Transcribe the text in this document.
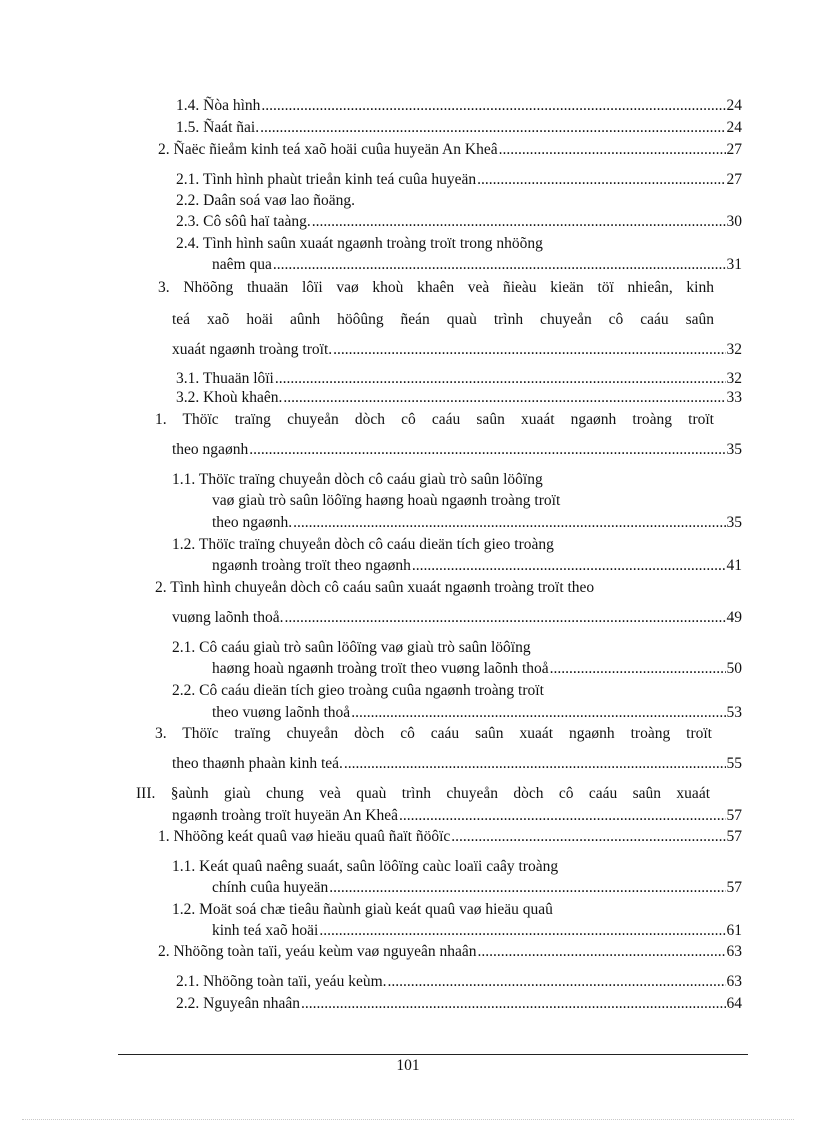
1.4. Ñòa hình .....	24
1.5. Ñaát ñai. .....	24
2. Ñaëc ñieåm kinh teá xaõ hoäi cuûa huyeän An Kheâ .....	27
2.1. Tình hình phaùt trieån kinh teá cuûa huyeän .....	27
2.2. Daân soá vaø lao ñoäng.
2.3. Cô sôû haï taàng. .....	30
2.4. Tình hình saûn xuaát ngaønh troàng troït trong nhöõng
naêm qua .....	31
3. Nhöõng thuaän lôïi vaø khoù khaên veà ñieàu kieän töï nhieân, kinh
teá xaõ hoäi aûnh höôûng ñeán quaù trình chuyeån cô caáu saûn
xuaát ngaønh troàng troït. .....	32
3.1. Thuaän lôïi .....	32
3.2. Khoù khaên. .....	33
1. Thöïc traïng chuyeån dòch cô caáu saûn xuaát ngaønh troàng troït
theo ngaønh .....	35
1.1. Thöïc traïng chuyeån dòch cô caáu giaù trò saûn löôïng
vaø giaù trò saûn löôïng haøng hoaù ngaønh troàng troït
theo ngaønh. .....	35
1.2. Thöïc traïng chuyeån dòch cô caáu dieän tích gieo troàng
ngaønh troàng troït theo ngaønh .....	41
2. Tình hình chuyeån dòch cô caáu saûn xuaát ngaønh troàng troït theo
vuøng laõnh thoå. .....	49
2.1. Cô caáu giaù trò saûn löôïng vaø giaù trò saûn löôïng
haøng hoaù ngaønh troàng troït theo vuøng laõnh thoå .....	50
2.2. Cô caáu dieän tích gieo troàng cuûa ngaønh troàng troït
theo vuøng laõnh thoå .....	53
3. Thöïc traïng chuyeån dòch cô caáu saûn xuaát ngaønh troàng troït
theo thaønh phaàn kinh teá. .....	55
III. §aùnh giaù chung veà quaù trình chuyeån dòch cô caáu saûn xuaát
ngaønh troàng troït huyeän An Kheâ .....	57
1. Nhöõng keát quaû vaø hieäu quaû ñaït ñöôïc .....	57
1.1. Keát quaû naêng suaát, saûn löôïng caùc loaïi caây troàng
chính cuûa huyeän .....	57
1.2. Moät soá chæ tieâu ñaùnh giaù keát quaû vaø hieäu quaû
kinh teá xaõ hoäi .....	61
2. Nhöõng toàn taïi, yeáu keùm vaø nguyeân nhaân .....	63
2.1. Nhöõng toàn taïi, yeáu keùm. .....	63
2.2. Nguyeân nhaân .....	64
101
